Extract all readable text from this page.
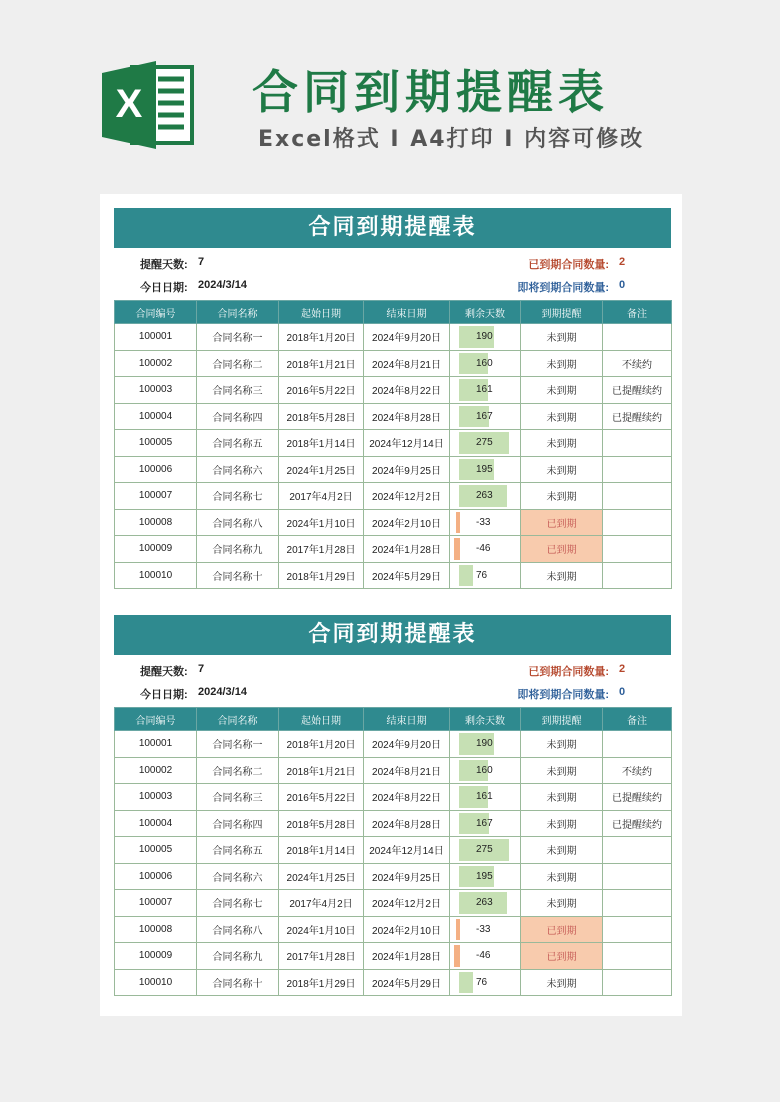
X 合同到期提醒表
Excel格式 I A4打印 I 内容可修改
合同到期提醒表
提醒天数: 7
今日日期: 2024/3/14
已到期合同数量: 2
即将到期合同数量: 0
合同编号	合同名称	起始日期	结束日期	剩余天数	到期提醒	备注
100001	合同名称一	2018年1月20日	2024年9月20日	190	未到期	
100002	合同名称二	2018年1月21日	2024年8月21日	160	未到期	不续约
100003	合同名称三	2016年5月22日	2024年8月22日	161	未到期	已提醒续约
100004	合同名称四	2018年5月28日	2024年8月28日	167	未到期	已提醒续约
100005	合同名称五	2018年1月14日	2024年12月14日	275	未到期	
100006	合同名称六	2024年1月25日	2024年9月25日	195	未到期	
100007	合同名称七	2017年4月2日	2024年12月2日	263	未到期	
100008	合同名称八	2024年1月10日	2024年2月10日	-33	已到期	
100009	合同名称九	2017年1月28日	2024年1月28日	-46	已到期	
100010	合同名称十	2018年1月29日	2024年5月29日	76	未到期	
合同到期提醒表
提醒天数: 7
今日日期: 2024/3/14
已到期合同数量: 2
即将到期合同数量: 0
合同编号	合同名称	起始日期	结束日期	剩余天数	到期提醒	备注
100001	合同名称一	2018年1月20日	2024年9月20日	190	未到期	
100002	合同名称二	2018年1月21日	2024年8月21日	160	未到期	不续约
100003	合同名称三	2016年5月22日	2024年8月22日	161	未到期	已提醒续约
100004	合同名称四	2018年5月28日	2024年8月28日	167	未到期	已提醒续约
100005	合同名称五	2018年1月14日	2024年12月14日	275	未到期	
100006	合同名称六	2024年1月25日	2024年9月25日	195	未到期	
100007	合同名称七	2017年4月2日	2024年12月2日	263	未到期	
100008	合同名称八	2024年1月10日	2024年2月10日	-33	已到期	
100009	合同名称九	2017年1月28日	2024年1月28日	-46	已到期	
100010	合同名称十	2018年1月29日	2024年5月29日	76	未到期	
